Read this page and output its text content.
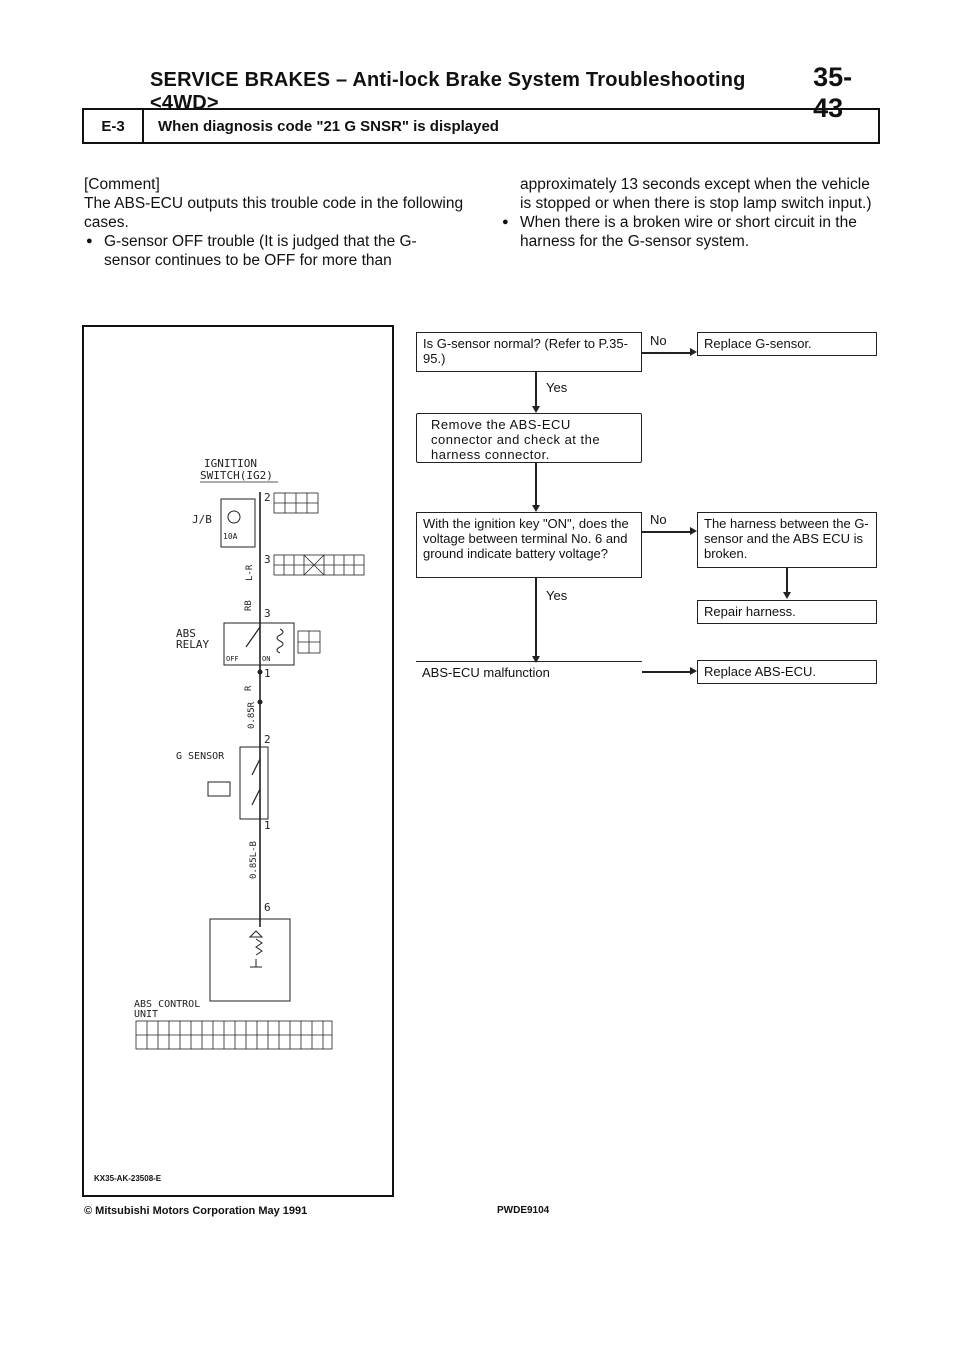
SERVICE BRAKES – Anti-lock Brake System Troubleshooting <4WD>
35-43
E-3	When diagnosis code "21 G SNSR" is displayed

[Comment]

The ABS-ECU outputs this trouble code in the following cases.

● G-sensor OFF trouble (It is judged that the G-

sensor continues to be OFF for more than

approximately 13 seconds except when the vehicle is stopped or when there is stop lamp switch input.)

● When there is a broken wire or short circuit in the harness for the G-sensor system.

IGNITION
SWITCH(IG2)
J/B
10A
2
3
L-R
RB
3
ABS
RELAY
OFF	ON
1
R
0.85R
2
G SENSOR
1
0.85L-B
6
ABS CONTROL
UNIT
KX35-AK-23508-E
Is G-sensor normal? (Refer to P.35-95.)
No	Replace G-sensor.
Yes
Remove the ABS-ECU connector and check at the harness connector.
With the ignition key "ON", does the voltage between terminal No. 6 and ground indicate battery voltage?
No	The harness between the G-sensor and the ABS ECU is broken.
Repair harness.
Yes
ABS-ECU malfunction	Replace ABS-ECU.
© Mitsubishi Motors Corporation May 1991	PWDE9104
